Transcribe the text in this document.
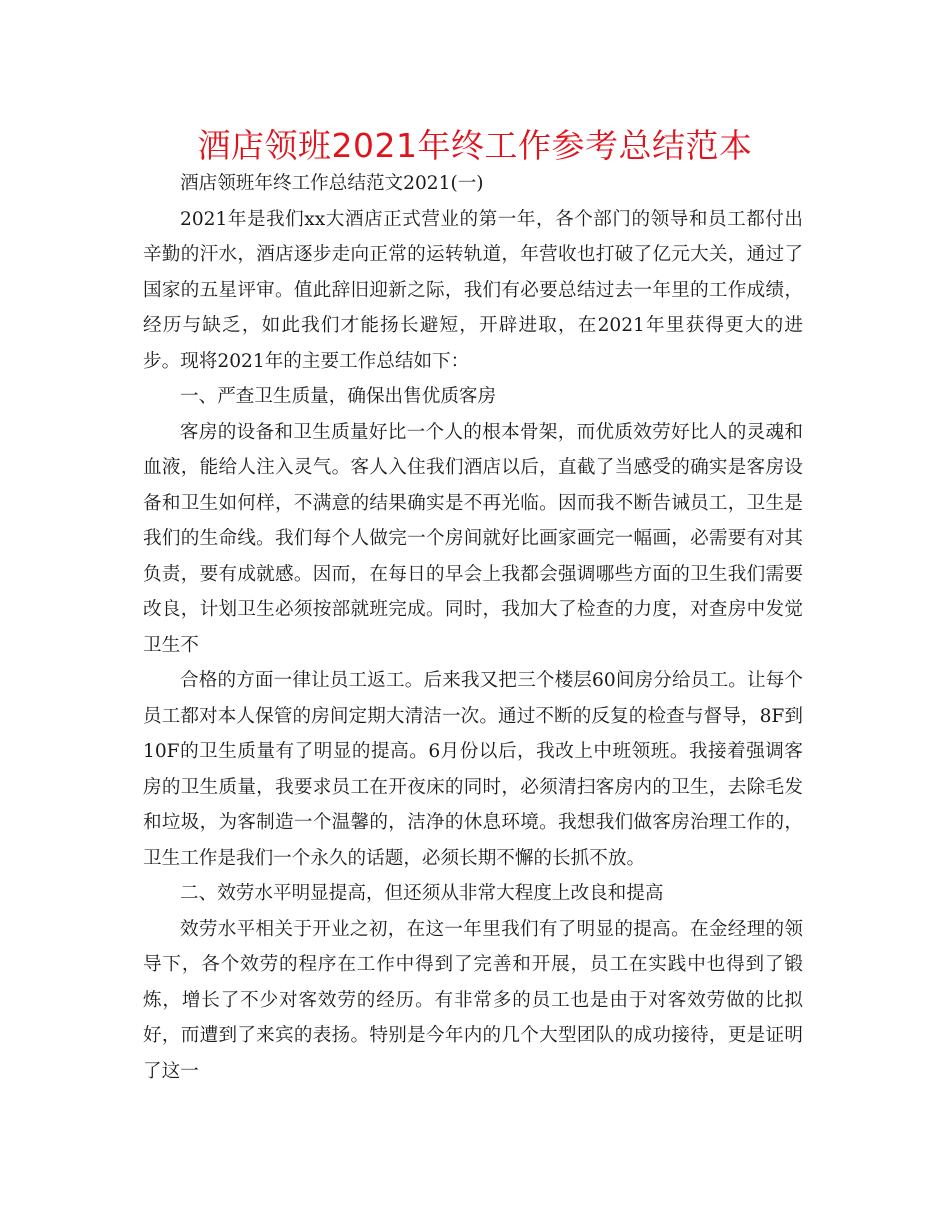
酒店领班2021年终工作参考总结范本

酒店领班年终工作总结范文2021(一)

2021年是我们xx大酒店正式营业的第一年，各个部门的领导和员工都付出辛勤的汗水，酒店逐步走向正常的运转轨道，年营收也打破了亿元大关，通过了国家的五星评审。值此辞旧迎新之际，我们有必要总结过去一年里的工作成绩，经历与缺乏，如此我们才能扬长避短，开辟进取，在2021年里获得更大的进步。现将2021年的主要工作总结如下：

一、严查卫生质量，确保出售优质客房

客房的设备和卫生质量好比一个人的根本骨架，而优质效劳好比人的灵魂和血液，能给人注入灵气。客人入住我们酒店以后，直截了当感受的确实是客房设备和卫生如何样，不满意的结果确实是不再光临。因而我不断告诫员工，卫生是我们的生命线。我们每个人做完一个房间就好比画家画完一幅画，必需要有对其负责，要有成就感。因而，在每日的早会上我都会强调哪些方面的卫生我们需要改良，计划卫生必须按部就班完成。同时，我加大了检查的力度，对查房中发觉卫生不

合格的方面一律让员工返工。后来我又把三个楼层60间房分给员工。让每个员工都对本人保管的房间定期大清洁一次。通过不断的反复的检查与督导，8F到10F的卫生质量有了明显的提高。6月份以后，我改上中班领班。我接着强调客房的卫生质量，我要求员工在开夜床的同时，必须清扫客房内的卫生，去除毛发和垃圾，为客制造一个温馨的，洁净的休息环境。我想我们做客房治理工作的，卫生工作是我们一个永久的话题，必须长期不懈的长抓不放。

二、效劳水平明显提高，但还须从非常大程度上改良和提高

效劳水平相关于开业之初，在这一年里我们有了明显的提高。在金经理的领导下，各个效劳的程序在工作中得到了完善和开展，员工在实践中也得到了锻炼，增长了不少对客效劳的经历。有非常多的员工也是由于对客效劳做的比拟好，而遭到了来宾的表扬。特别是今年内的几个大型团队的成功接待，更是证明了这一
